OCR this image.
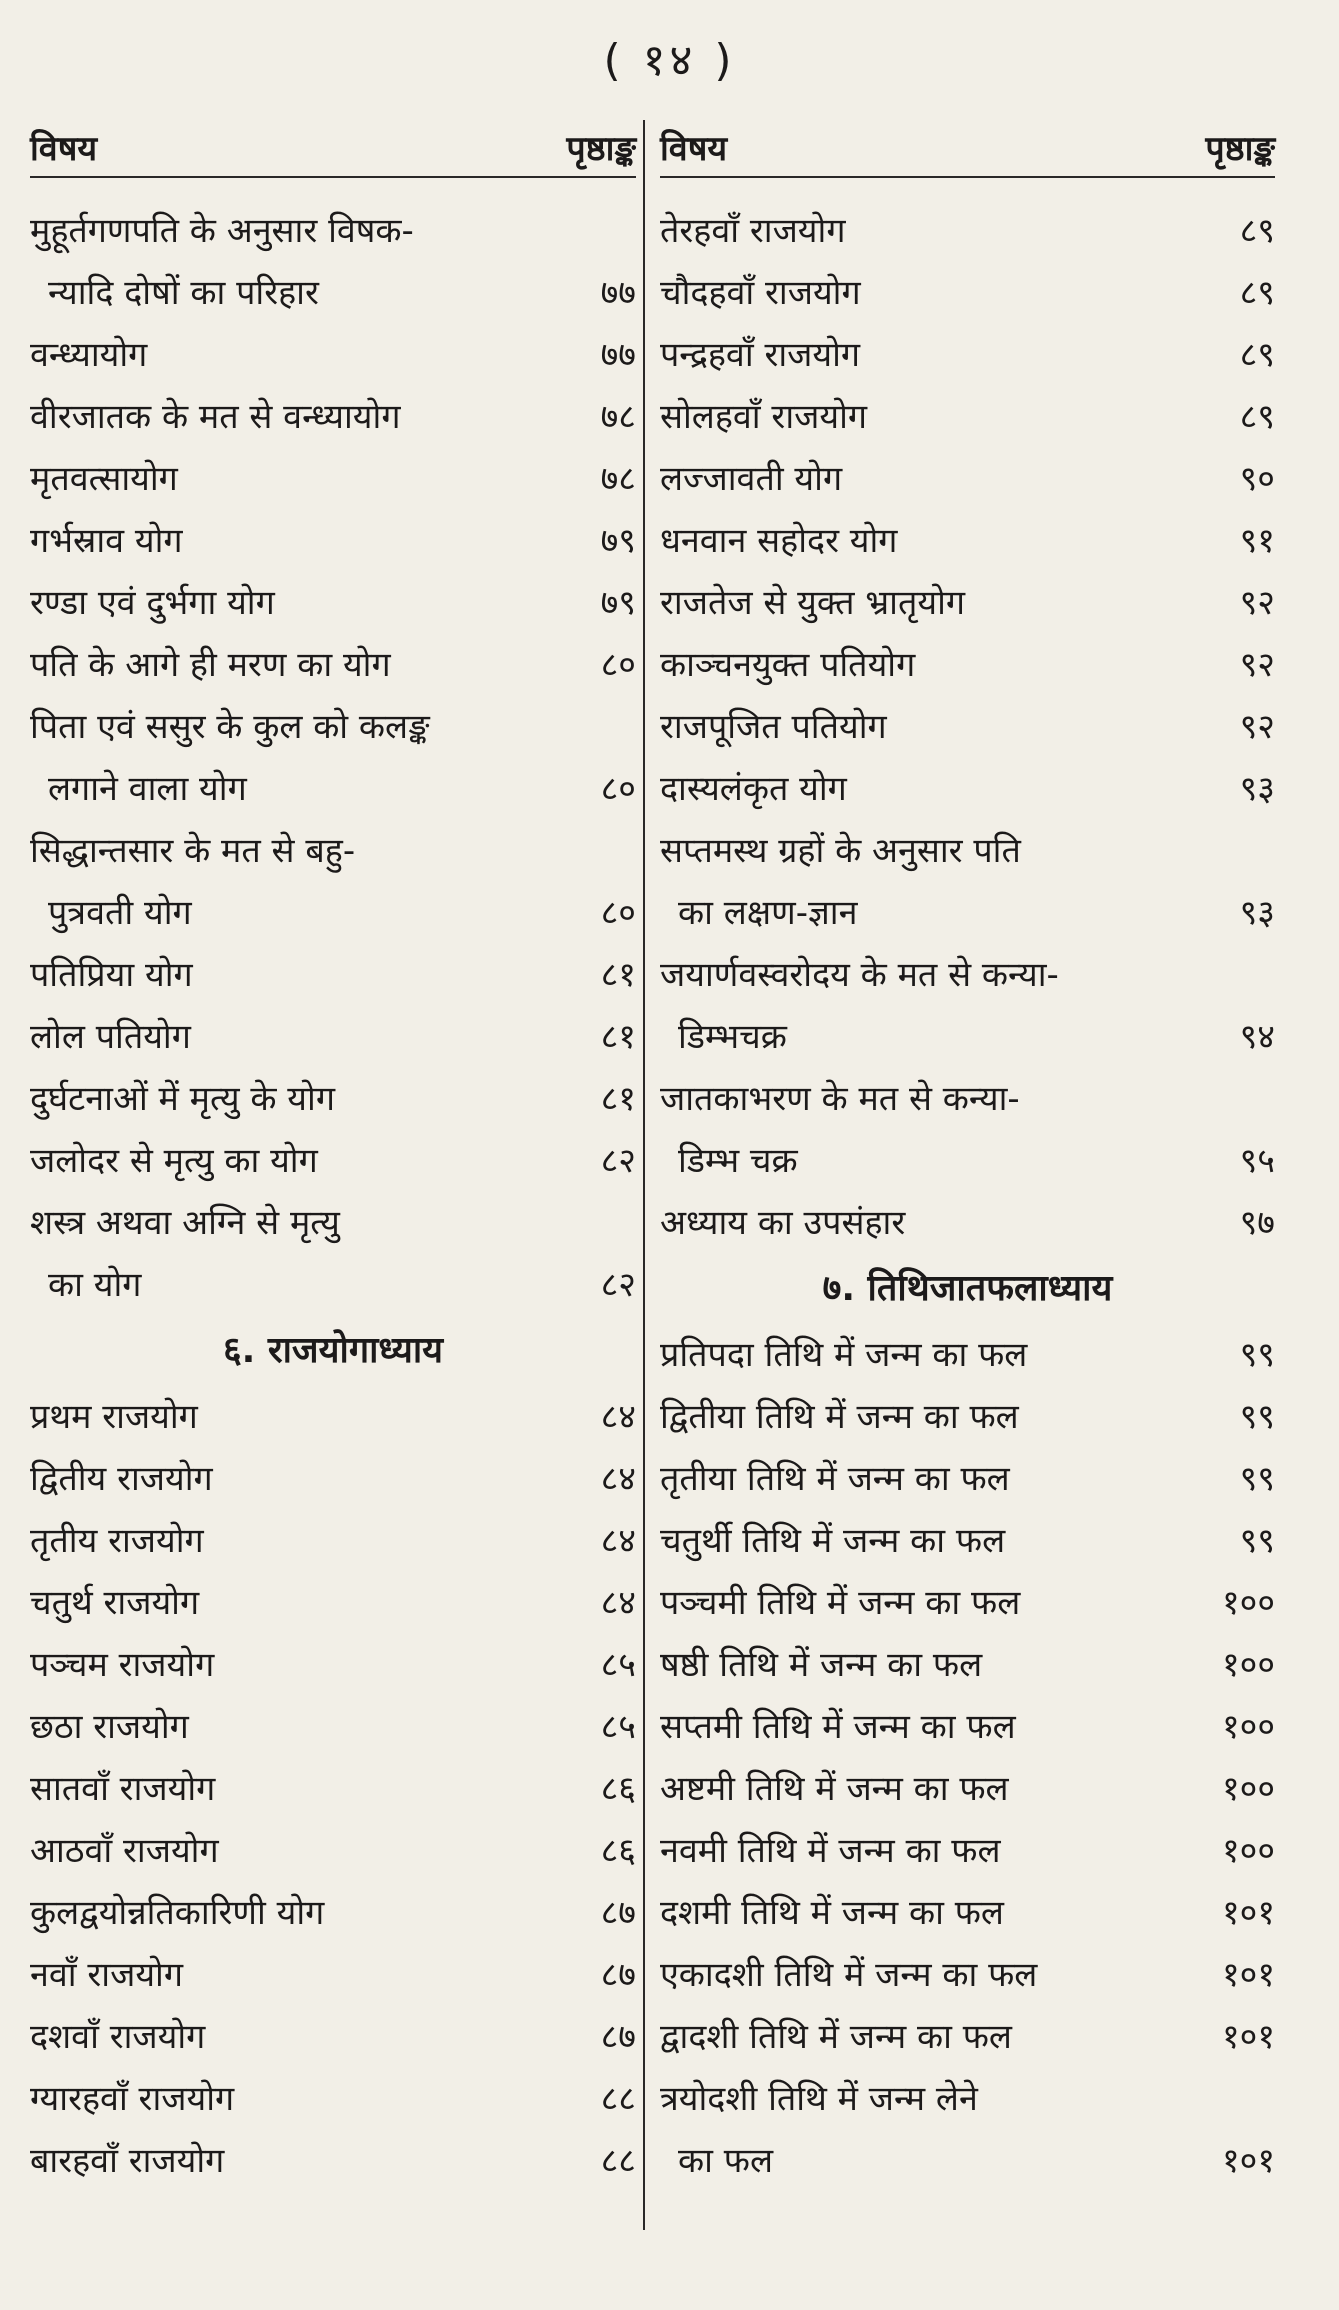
( १४ )
विषय	पृष्ठाङ्क
मुहूर्तगणपति के अनुसार विषक-
न्यादि दोषों का परिहार	७७
वन्ध्यायोग	७७
वीरजातक के मत से वन्ध्यायोग	७८
मृतवत्सायोग	७८
गर्भस्राव योग	७९
रण्डा एवं दुर्भगा योग	७९
पति के आगे ही मरण का योग	८०
पिता एवं ससुर के कुल को कलङ्क
लगाने वाला योग	८०
सिद्धान्तसार के मत से बहु-
पुत्रवती योग	८०
पतिप्रिया योग	८१
लोल पतियोग	८१
दुर्घटनाओं में मृत्यु के योग	८१
जलोदर से मृत्यु का योग	८२
शस्त्र अथवा अग्नि से मृत्यु
का योग	८२
६. राजयोगाध्याय
प्रथम राजयोग	८४
द्वितीय राजयोग	८४
तृतीय राजयोग	८४
चतुर्थ राजयोग	८४
पञ्चम राजयोग	८५
छठा राजयोग	८५
सातवाँ राजयोग	८६
आठवाँ राजयोग	८६
कुलद्वयोन्नतिकारिणी योग	८७
नवाँ राजयोग	८७
दशवाँ राजयोग	८७
ग्यारहवाँ राजयोग	८८
बारहवाँ राजयोग	८८
विषय	पृष्ठाङ्क
तेरहवाँ राजयोग	८९
चौदहवाँ राजयोग	८९
पन्द्रहवाँ राजयोग	८९
सोलहवाँ राजयोग	८९
लज्जावती योग	९०
धनवान सहोदर योग	९१
राजतेज से युक्त भ्रातृयोग	९२
काञ्चनयुक्त पतियोग	९२
राजपूजित पतियोग	९२
दास्यलंकृत योग	९३
सप्तमस्थ ग्रहों के अनुसार पति
का लक्षण-ज्ञान	९३
जयार्णवस्वरोदय के मत से कन्या-
डिम्भचक्र	९४
जातकाभरण के मत से कन्या-
डिम्भ चक्र	९५
अध्याय का उपसंहार	९७
७. तिथिजातफलाध्याय
प्रतिपदा तिथि में जन्म का फल	९९
द्वितीया तिथि में जन्म का फल	९९
तृतीया तिथि में जन्म का फल	९९
चतुर्थी तिथि में जन्म का फल	९९
पञ्चमी तिथि में जन्म का फल	१००
षष्ठी तिथि में जन्म का फल	१००
सप्तमी तिथि में जन्म का फल	१००
अष्टमी तिथि में जन्म का फल	१००
नवमी तिथि में जन्म का फल	१००
दशमी तिथि में जन्म का फल	१०१
एकादशी तिथि में जन्म का फल	१०१
द्वादशी तिथि में जन्म का फल	१०१
त्रयोदशी तिथि में जन्म लेने
का फल	१०१
